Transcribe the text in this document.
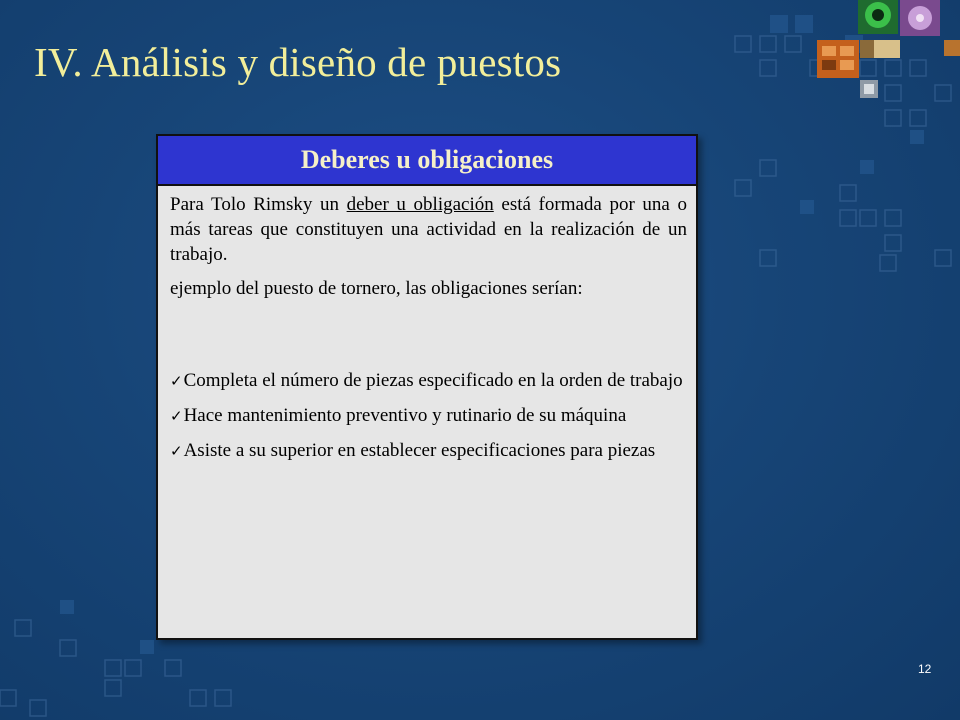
IV. Análisis y diseño de puestos
Deberes u obligaciones

Para Tolo Rimsky un deber u obligación está formada por una o más tareas que constituyen una actividad en la realización de un trabajo.

ejemplo del puesto de tornero, las obligaciones serían:

✓Completa el número de piezas especificado en la orden de trabajo

✓Hace mantenimiento preventivo y rutinario de su máquina

✓Asiste a su superior en establecer especificaciones para piezas

12
